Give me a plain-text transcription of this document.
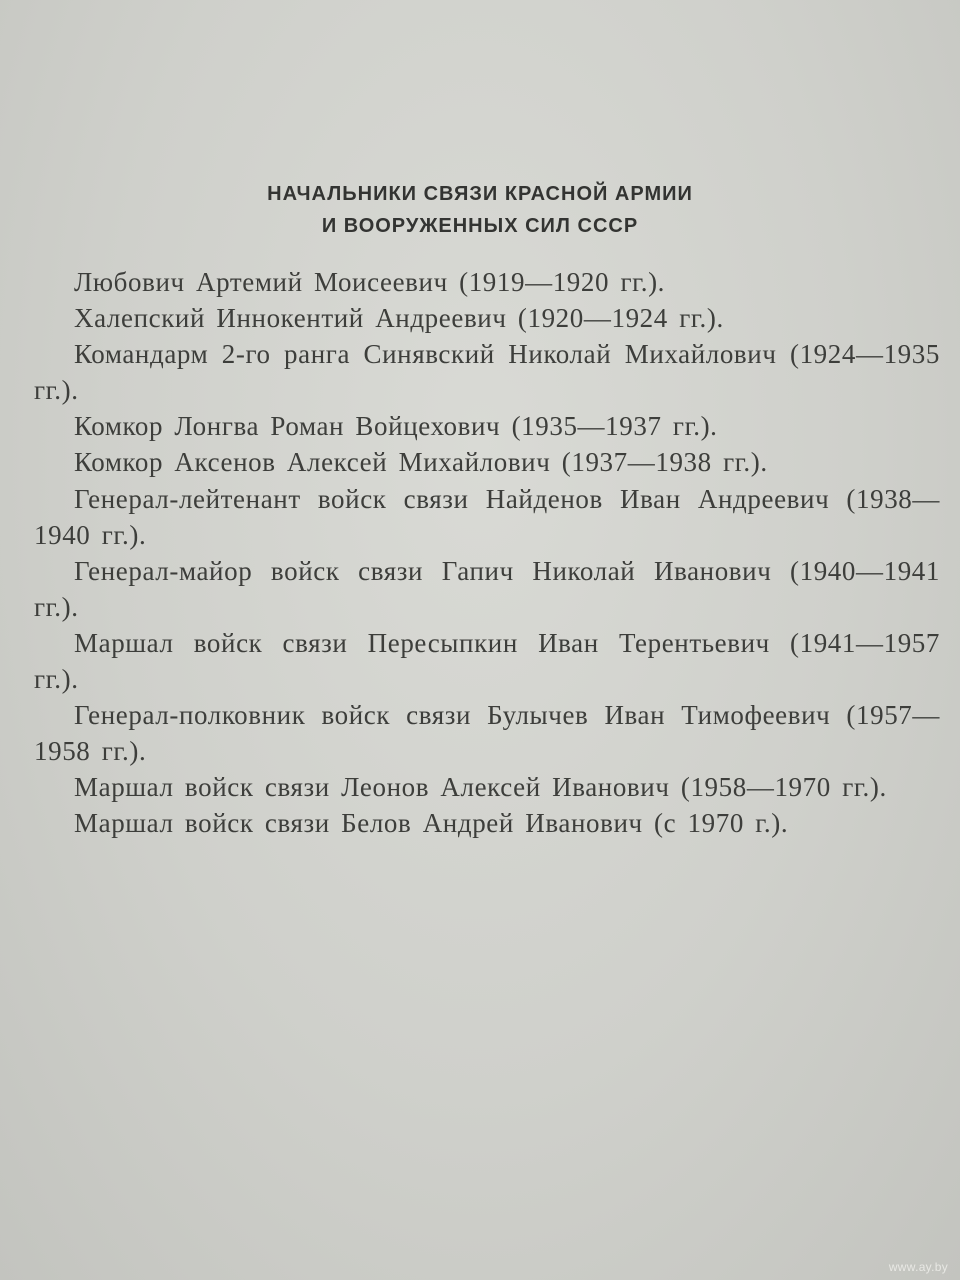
НАЧАЛЬНИКИ СВЯЗИ КРАСНОЙ АРМИИ
И ВООРУЖЕННЫХ СИЛ СССР

Любович Артемий Моисеевич (1919—1920 гг.).

Халепский Иннокентий Андреевич (1920—1924 гг.).

Командарм 2-го ранга Синявский Николай Михайлович (1924—1935 гг.).

Комкор Лонгва Роман Войцехович (1935—1937 гг.).

Комкор Аксенов Алексей Михайлович (1937—1938 гг.).

Генерал-лейтенант войск связи Найденов Иван Андреевич (1938—1940 гг.).

Генерал-майор войск связи Гапич Николай Иванович (1940—1941 гг.).

Маршал войск связи Пересыпкин Иван Терентьевич (1941—1957 гг.).

Генерал-полковник войск связи Булычев Иван Тимофеевич (1957—1958 гг.).

Маршал войск связи Леонов Алексей Иванович (1958—1970 гг.).

Маршал войск связи Белов Андрей Иванович (с 1970 г.).

www.ay.by
